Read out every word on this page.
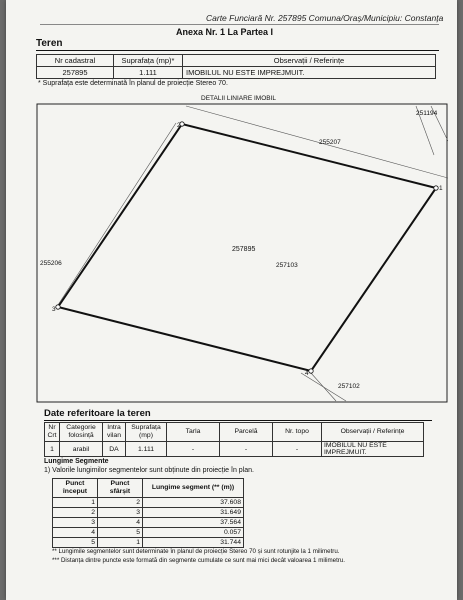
Carte Funciară Nr. 257895 Comuna/Oraș/Municipiu: Constanța
Anexa Nr. 1 La Partea I
Teren
Nr cadastral	Suprafața (mp)*	Observații / Referințe
257895	1.111	IMOBILUL NU ESTE IMPREJMUIT.
* Suprafața este determinată în planul de proiecție Stereo 70.
DETALII LINIARE IMOBIL
1
2
3
4
257895
251194
255207
255206	257103
257102
Date referitoare la teren
Nr Crt	Categorie folosință	Intra vilan	Suprafața (mp)	Tarla	Parcelă	Nr. topo	Observații / Referințe
1	arabil	DA	1.111	-	-	-	IMOBILUL NU ESTE IMPREJMUIT.
Lungime Segmente
1) Valorile lungimilor segmentelor sunt obținute din proiecție în plan.
Punct început	Punct sfârșit	Lungime segment (** (m))
1	2	37.608
2	3	31.649
3	4	37.564
4	5	0.057
5	1	31.744
** Lungimile segmentelor sunt determinate în planul de proiecție Stereo 70 și sunt rotunjite la 1 milimetru.
*** Distanța dintre puncte este formată din segmente cumulate ce sunt mai mici decât valoarea 1 milimetru.
